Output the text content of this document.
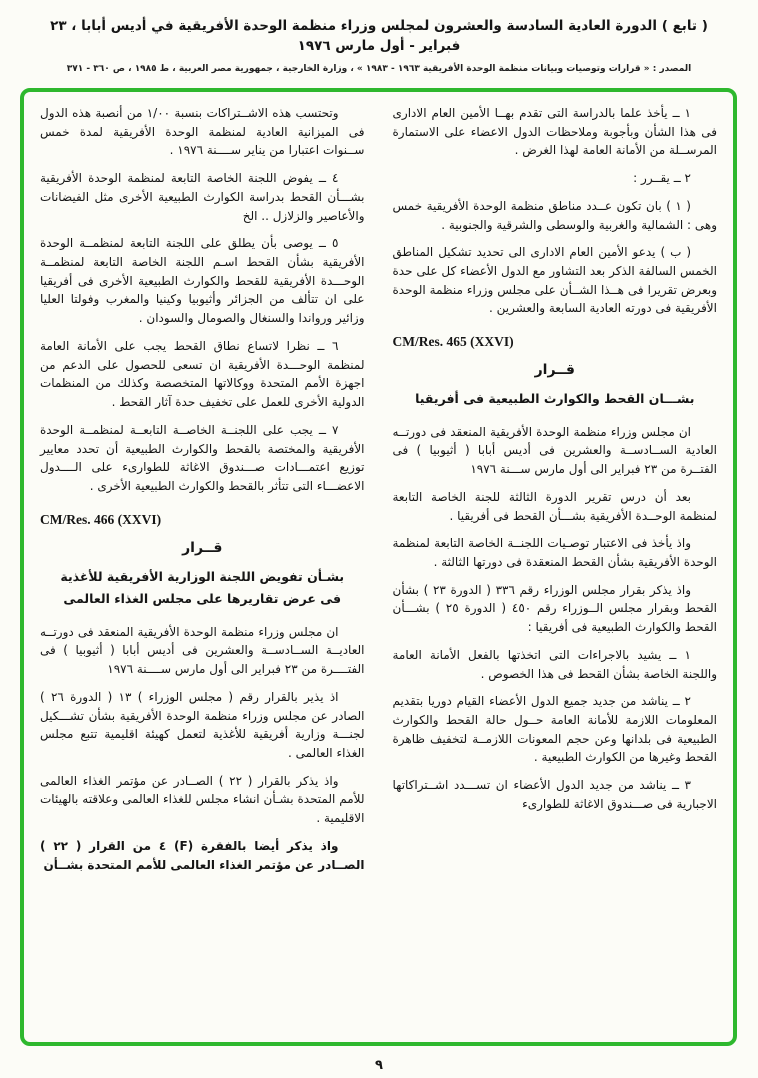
( تابع ) الدورة العادية السادسة والعشرون لمجلس وزراء منظمة الوحدة الأفريقية في أديس أبابا ، ٢٣ فبراير - أول مارس ١٩٧٦
المصدر : « قرارات وتوصيات وبيانات منظمة الوحدة الأفريقية ١٩٦٣ - ١٩٨٣ » ، وزارة الخارجية ، جمهورية مصر العربية ، ط ١٩٨٥ ، ص ٣٦٠ - ٣٧١

١ ــ يأخذ علما بالدراسة التى تقدم بهــا الأمين العام الادارى فى هذا الشأن وبأجوبة وملاحظات الدول الاعضاء على الاستمارة المرســلة من الأمانة العامة لهذا الغرض .

٢ ــ يقــرر :

( ١ ) بان تكون عــدد مناطق منظمة الوحدة الأفريقية خمس وهى : الشمالية والغربية والوسطى والشرقية والجنوبية .

( ب ) يدعو الأمين العام الادارى الى تحديد تشكيل المناطق الخمس السالفة الذكر بعد التشاور مع الدول الأعضاء كل على حدة وبعرض تقريرا فى هــذا الشــأن على مجلس وزراء منظمة الوحدة الأفريقية فى دورته العادية السابعة والعشرين .

CM/Res. 465 (XXVI)

قــرار

بشـــان القحط والكوارث الطبيعية فى أفريقيا

ان مجلس وزراء منظمة الوحدة الأفريقية المنعقد فى دورتــه العادية الســادســة والعشرين فى أديس أبابا ( أثيوبيا ) فى الفتــرة من ٢٣ فبراير الى أول مارس ســـنة ١٩٧٦

بعد أن درس تقرير الدورة الثالثة للجنة الخاصة التابعة لمنظمة الوحــدة الأفريقية بشـــأن القحط فى أفريقيا .

واذ يأخذ فى الاعتبار توصـيات اللجنــة الخاصة التابعة لمنظمة الوحدة الأفريقية بشأن القحط المنعقدة فى دورتها الثالثة .

واذ يذكر بقرار مجلس الوزراء رقم ٣٣٦ ( الدورة ٢٣ ) بشأن القحط وبقرار مجلس الــوزراء رقم ٤٥٠ ( الدورة ٢٥ ) بشـــأن القحط والكوارث الطبيعية فى أفريقيا :

١ ــ يشيد بالاجراءات التى اتخذتها بالفعل الأمانة العامة واللجنة الخاصة بشأن القحط فى هذا الخصوص .

٢ ــ يناشد من جديد جميع الدول الأعضاء القيام دوريا بتقديم المعلومات اللازمة للأمانة العامة حــول حالة القحط والكوارث الطبيعية فى بلدانها وعن حجم المعونات اللازمــة لتخفيف ظاهرة القحط وغيرها من الكوارث الطبيعية .

٣ ــ يناشد من جديد الدول الأعضاء ان تســـدد اشــتراكاتها الاجبارية فى صـــندوق الاغاثة للطوارىء

وتحتسب هذه الاشــتراكات بنسبة ١/٠٠ من أنصبة هذه الدول فى الميزانية العادية لمنظمة الوحدة الأفريقية لمدة خمس ســنوات اعتبارا من يناير ســــنة ١٩٧٦ .

٤ ــ يفوض اللجنة الخاصة التابعة لمنظمة الوحدة الأفريقية بشـــأن القحط بدراسة الكوارث الطبيعية الأخرى مثل الفيضانات والأعاصير والزلازل .. الخ

٥ ــ يوصى بأن يطلق على اللجنة التابعة لمنظمــة الوحدة الأفريقية بشأن القحط اسـم اللجنة الخاصة التابعة لمنظمــة الوحـــدة الأفريقية للقحط والكوارث الطبيعية الأخرى فى أفريقيا على ان تتألف من الجزائر وأثيوبيا وكينيا والمغرب وفولتا العليا وزائير ورواندا والسنغال والصومال والسودان .

٦ ــ نظرا لاتساع نطاق القحط يجب على الأمانة العامة لمنظمة الوحـــدة الأفريقية ان تسعى للحصول على الدعم من اجهزة الأمم المتحدة ووكالاتها المتخصصة وكذلك من المنظمات الدولية الأخرى للعمل على تخفيف حدة آثار القحط .

٧ ــ يجب على اللجنــة الخاصــة التابعــة لمنظمــة الوحدة الأفريقية والمختصة بالقحط والكوارث الطبيعية أن تحدد معايير توزيع اعتمـــادات صـــندوق الاغاثة للطوارىء على الــــدول الاعضـــاء التى تتأثر بالقحط والكوارث الطبيعية الأخرى .

CM/Res. 466 (XXVI)

قــرار

بشـأن تفويض اللجنة الوزارية الأفريقية للأغذية فى عرض تقاريرها على مجلس الغذاء العالمى

ان مجلس وزراء منظمة الوحدة الأفريقية المنعقد فى دورتــه العاديــة الســادســة والعشرين فى أديس أبابا ( أثيوبيا ) فى الفتــــرة من ٢٣ فبراير الى أول مارس ســــنة ١٩٧٦

اذ يذير بالقرار رقم ( مجلس الوزراء ) ١٣ ( الدورة ٢٦ ) الصادر عن مجلس وزراء منظمة الوحدة الأفريقية بشأن تشـــكيل لجنـــة وزارية أفريقية للأغذية لتعمل كهيئة اقليمية تتبع مجلس الغذاء العالمى .

واذ يذكر بالقرار ( ٢٢ ) الصــادر عن مؤتمر الغذاء العالمى للأمم المتحدة بشـأن انشاء مجلس للغذاء العالمى وعلاقته بالهيئات الاقليمية .

واذ يذكر أيضا بالفقرة (F) ٤ من القرار ( ٢٢ ) الصــادر عن مؤتمر الغذاء العالمى للأمم المتحدة بشــأن

٩
